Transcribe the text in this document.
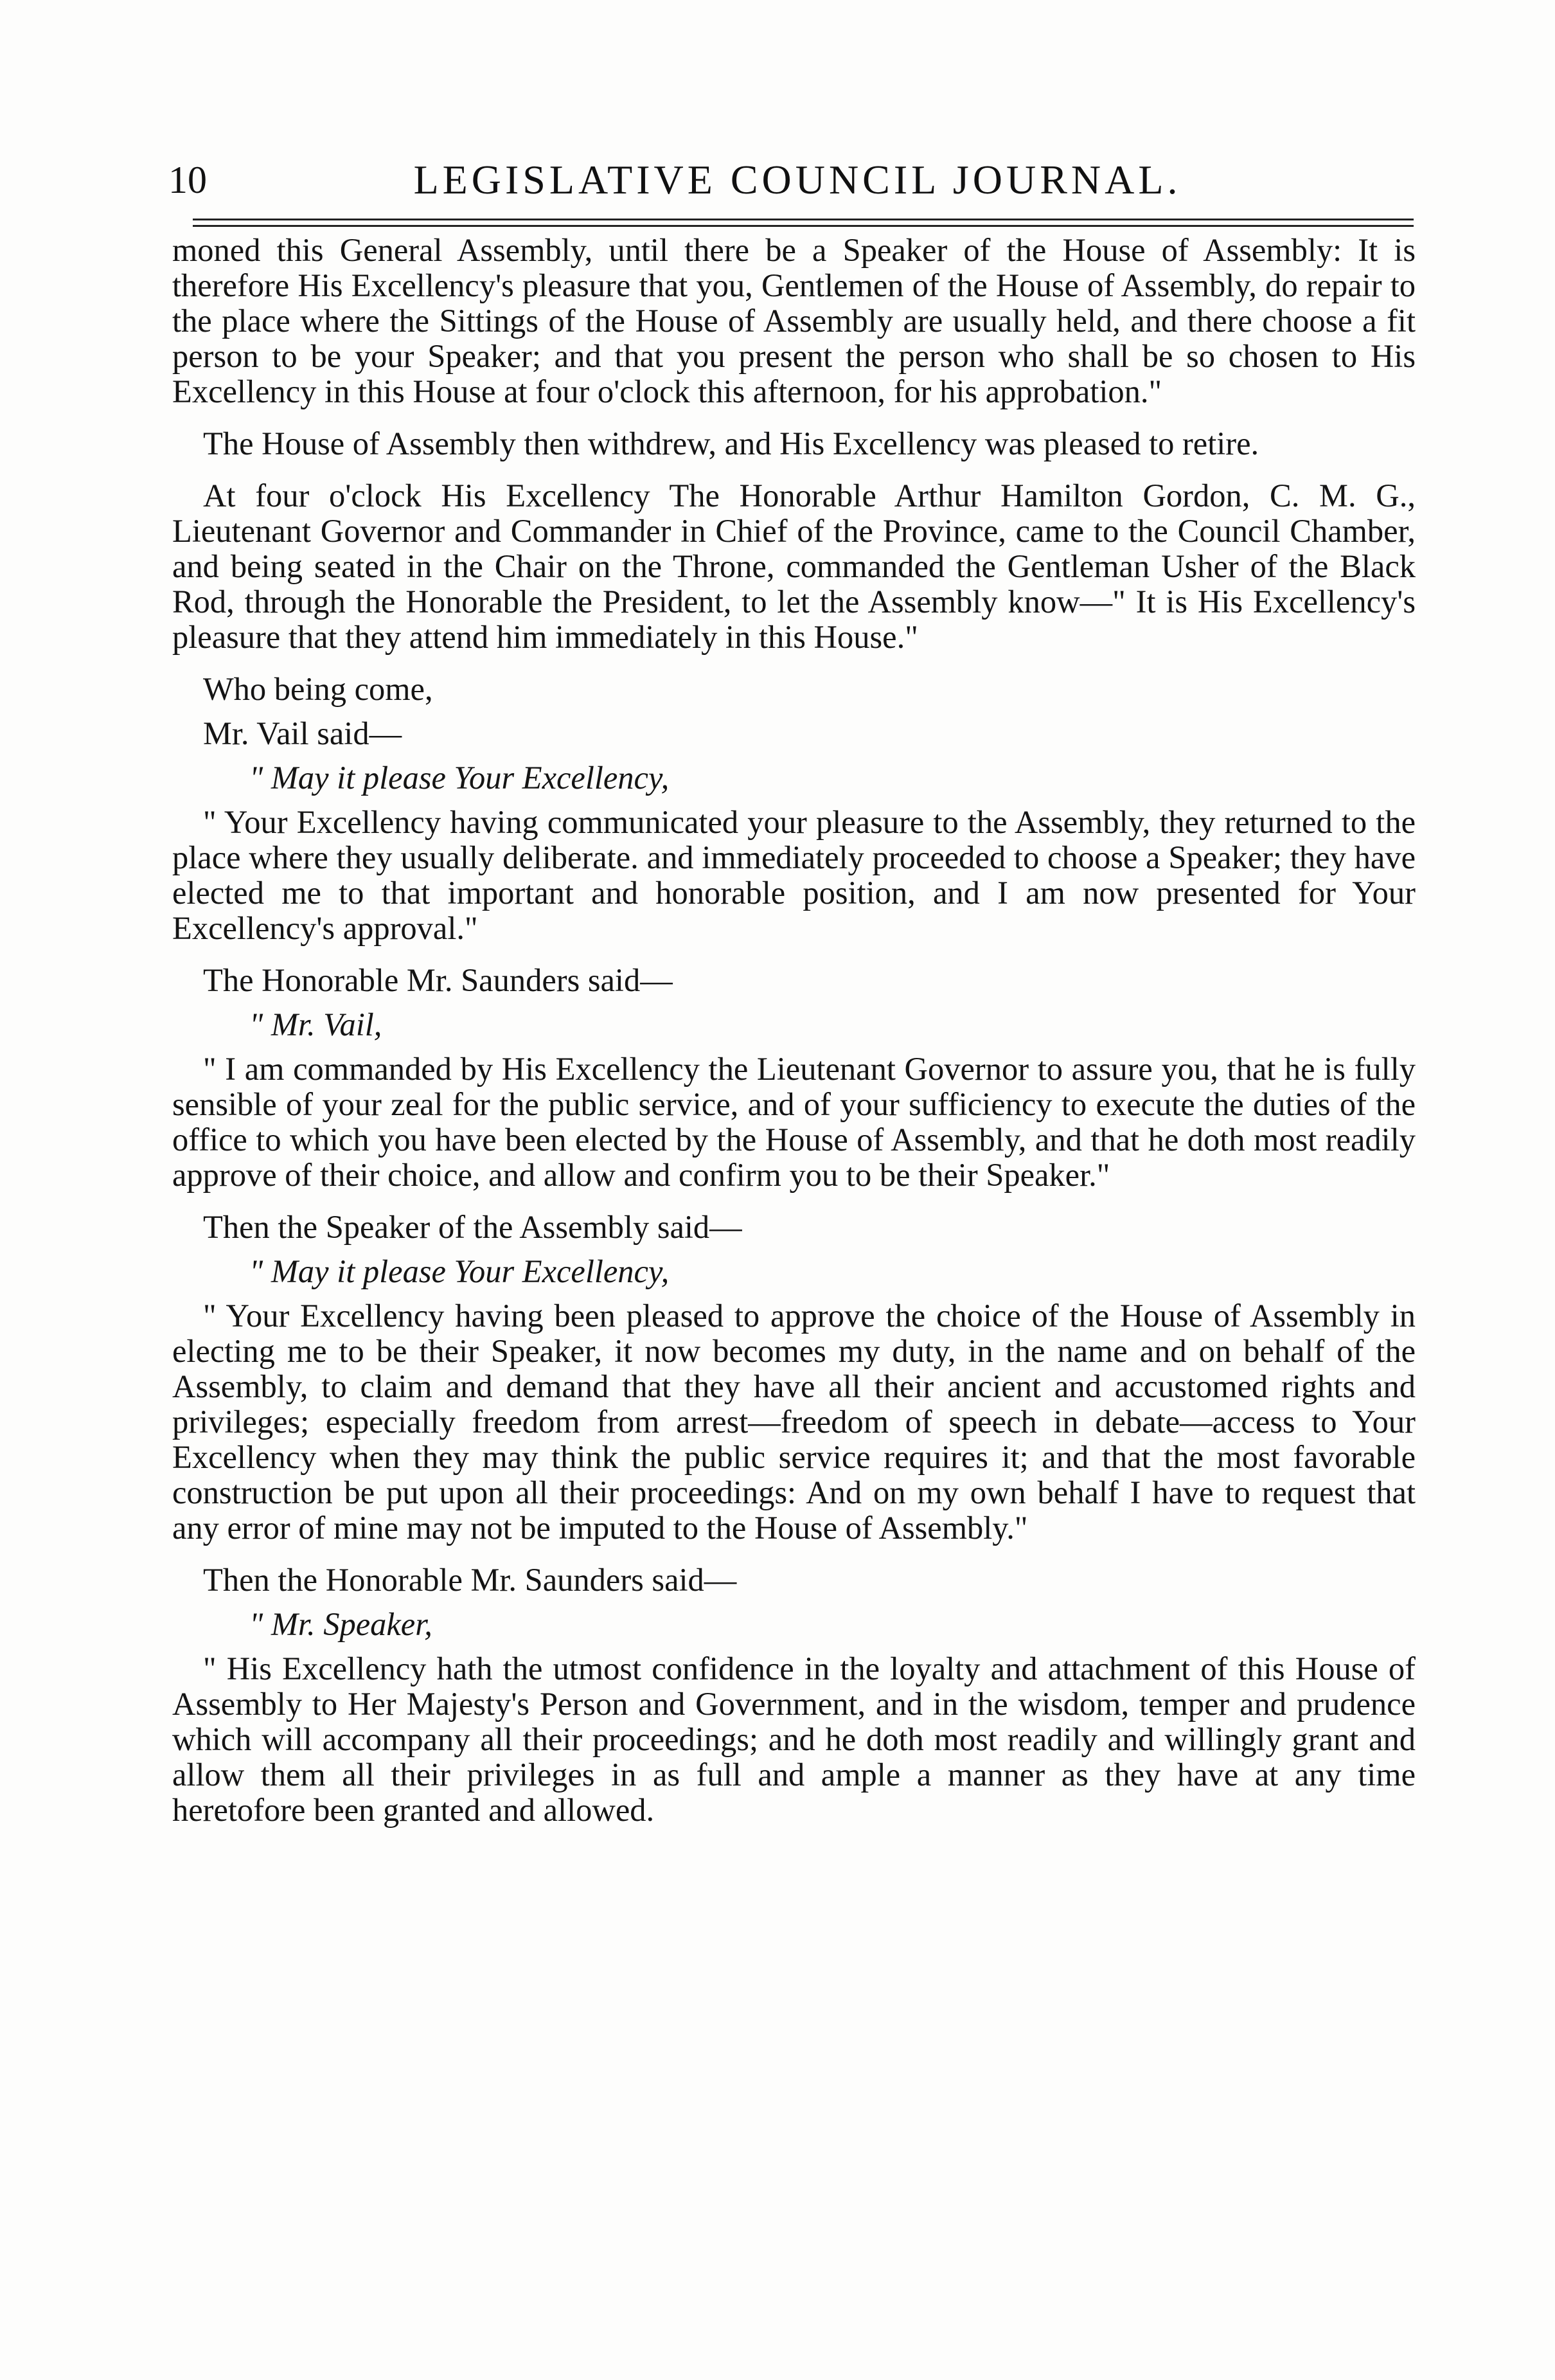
10	LEGISLATIVE COUNCIL JOURNAL.

moned this General Assembly, until there be a Speaker of the House of Assembly: It is therefore His Excellency's pleasure that you, Gentlemen of the House of Assembly, do repair to the place where the Sittings of the House of Assembly are usually held, and there choose a fit person to be your Speaker; and that you present the person who shall be so chosen to His Excellency in this House at four o'clock this afternoon, for his approbation."

The House of Assembly then withdrew, and His Excellency was pleased to retire.

At four o'clock His Excellency The Honorable Arthur Hamilton Gordon, C. M. G., Lieutenant Governor and Commander in Chief of the Province, came to the Council Chamber, and being seated in the Chair on the Throne, commanded the Gentleman Usher of the Black Rod, through the Honorable the President, to let the Assembly know—" It is His Excellency's pleasure that they attend him immediately in this House."

Who being come,

Mr. Vail said—

" May it please Your Excellency,

" Your Excellency having communicated your pleasure to the Assembly, they returned to the place where they usually deliberate. and immediately proceeded to choose a Speaker; they have elected me to that important and honorable position, and I am now presented for Your Excellency's approval."

The Honorable Mr. Saunders said—

" Mr. Vail,

" I am commanded by His Excellency the Lieutenant Governor to assure you, that he is fully sensible of your zeal for the public service, and of your sufficiency to execute the duties of the office to which you have been elected by the House of Assembly, and that he doth most readily approve of their choice, and allow and confirm you to be their Speaker."

Then the Speaker of the Assembly said—

" May it please Your Excellency,

" Your Excellency having been pleased to approve the choice of the House of Assembly in electing me to be their Speaker, it now becomes my duty, in the name and on behalf of the Assembly, to claim and demand that they have all their ancient and accustomed rights and privileges; especially freedom from arrest—freedom of speech in debate—access to Your Excellency when they may think the public service requires it; and that the most favorable construction be put upon all their proceedings: And on my own behalf I have to request that any error of mine may not be imputed to the House of Assembly."

Then the Honorable Mr. Saunders said—

" Mr. Speaker,

" His Excellency hath the utmost confidence in the loyalty and attachment of this House of Assembly to Her Majesty's Person and Government, and in the wisdom, temper and prudence which will accompany all their proceedings; and he doth most readily and willingly grant and allow them all their privileges in as full and ample a manner as they have at any time heretofore been granted and allowed.
